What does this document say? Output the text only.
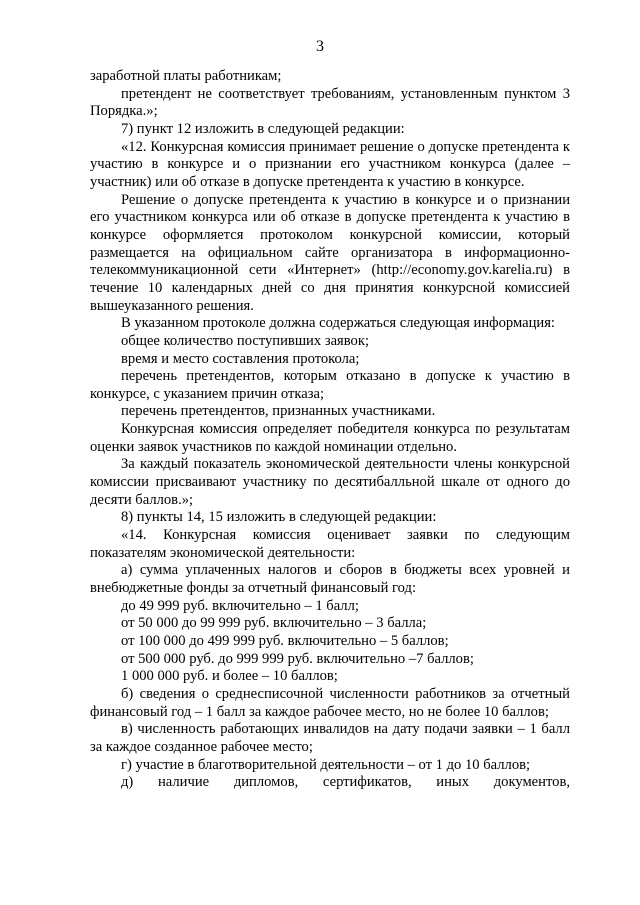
3

заработной платы работникам;

претендент не соответствует требованиям, установленным пунктом 3 Порядка.»;

7) пункт 12 изложить в следующей редакции:

«12. Конкурсная комиссия принимает решение о допуске претендента к участию в конкурсе и о признании его участником конкурса (далее – участник) или об отказе в допуске претендента к участию в конкурсе.

Решение о допуске претендента к участию в конкурсе и о признании его участником конкурса или об отказе в допуске претендента к участию в конкурсе оформляется протоколом конкурсной комиссии, который размещается на официальном сайте организатора в информационно-телекоммуникационной сети «Интернет» (http://economy.gov.karelia.ru) в течение 10 календарных дней со дня принятия конкурсной комиссией вышеуказанного решения.

В указанном протоколе должна содержаться следующая информация:

общее количество поступивших заявок;

время и место составления протокола;

перечень претендентов, которым отказано в допуске к участию в конкурсе, с указанием причин отказа;

перечень претендентов, признанных участниками.

Конкурсная комиссия определяет победителя конкурса по результатам оценки заявок участников по каждой номинации отдельно.

За каждый показатель экономической деятельности члены конкурсной комиссии присваивают участнику по десятибалльной шкале от одного до десяти баллов.»;

8) пункты 14, 15 изложить в следующей редакции:

«14. Конкурсная комиссия оценивает заявки по следующим показателям экономической деятельности:

а) сумма уплаченных налогов и сборов в бюджеты всех уровней и внебюджетные фонды за отчетный финансовый год:

до 49 999 руб. включительно – 1 балл;

от 50 000 до 99 999 руб. включительно – 3 балла;

от 100 000 до 499 999 руб. включительно – 5 баллов;

от 500 000 руб. до 999 999 руб. включительно –7 баллов;

1 000 000 руб. и более – 10 баллов;

б) сведения о среднесписочной численности работников за отчетный финансовый год – 1 балл за каждое рабочее место, но не более 10 баллов;

в) численность работающих инвалидов на дату подачи заявки – 1 балл за каждое созданное рабочее место;

г) участие в благотворительной деятельности – от 1 до 10 баллов;

д) наличие дипломов, сертификатов, иных документов,
